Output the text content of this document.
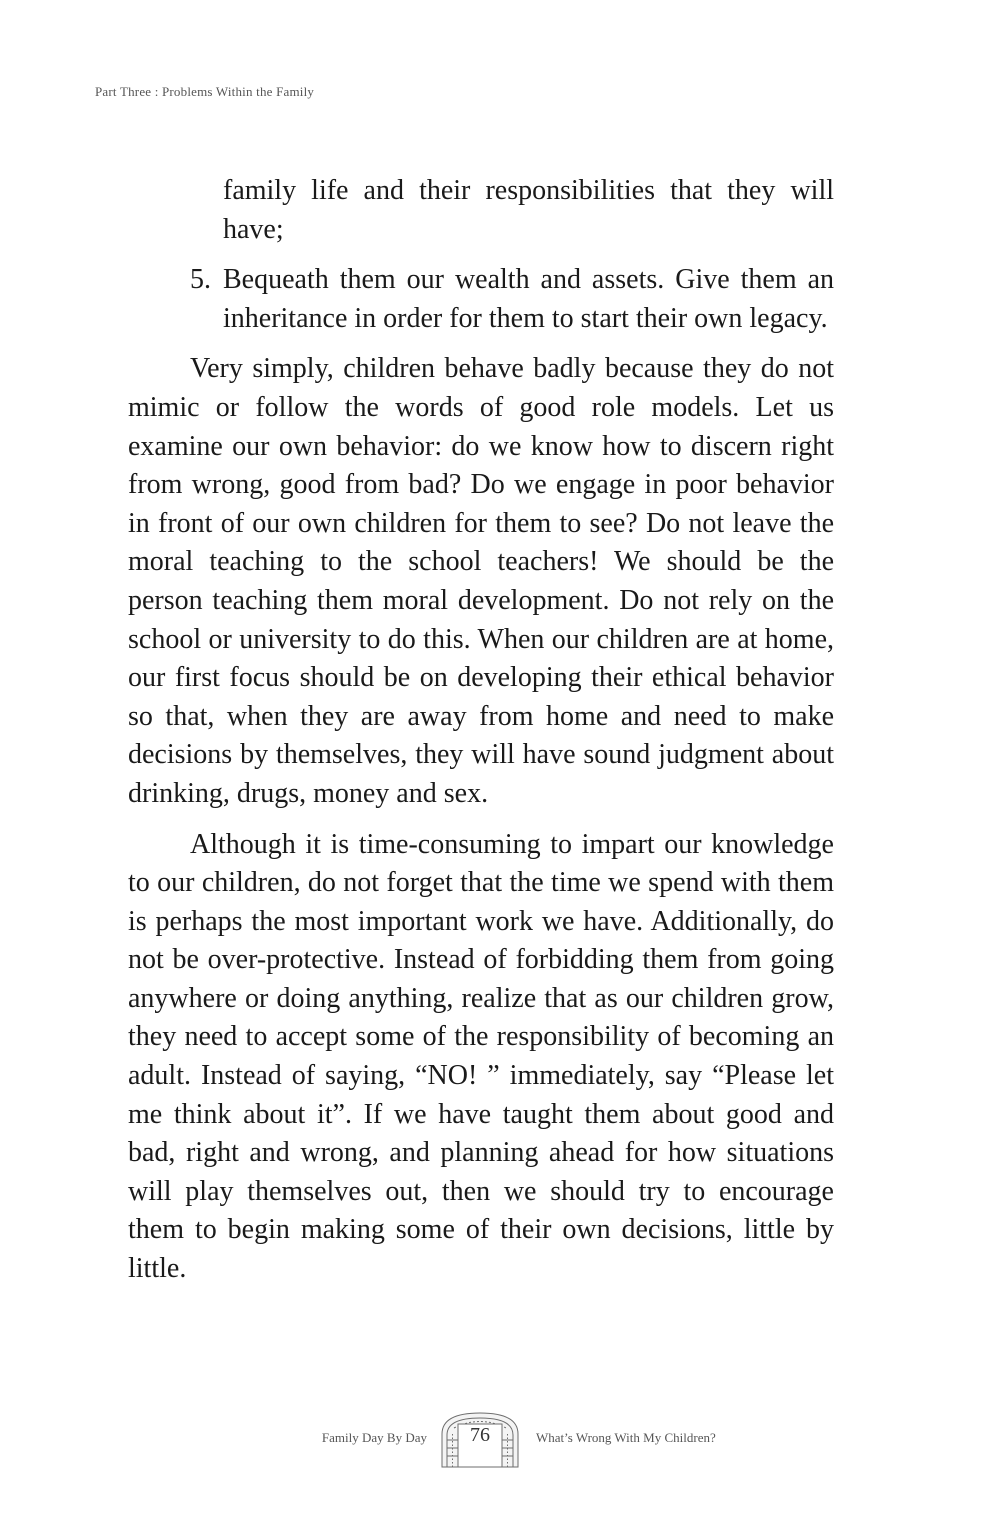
Part Three : Problems Within the Family

family life and their responsibilities that they will have;

5. Bequeath them our wealth and assets. Give them an inheritance in order for them to start their own legacy.

Very simply, children behave badly because they do not mimic or follow the words of good role models. Let us examine our own behavior: do we know how to discern right from wrong, good from bad? Do we engage in poor behavior in front of our own children for them to see? Do not leave the moral teaching to the school teachers! We should be the person teaching them moral development. Do not rely on the school or university to do this. When our children are at home, our first focus should be on developing their ethical behavior so that, when they are away from home and need to make decisions by themselves, they will have sound judgment about drinking, drugs, money and sex.

Although it is time-consuming to impart our knowledge to our children, do not forget that the time we spend with them is perhaps the most important work we have. Additionally, do not be over-protective. Instead of forbidding them from going anywhere or doing anything, realize that as our children grow, they need to accept some of the responsibility of becoming an adult. Instead of saying, “NO! ” immediately, say “Please let me think about it”. If we have taught them about good and bad, right and wrong, and planning ahead for how situations will play themselves out, then we should try to encourage them to begin making some of their own decisions, little by little.

Family Day By Day	76	What’s Wrong With My Children?
